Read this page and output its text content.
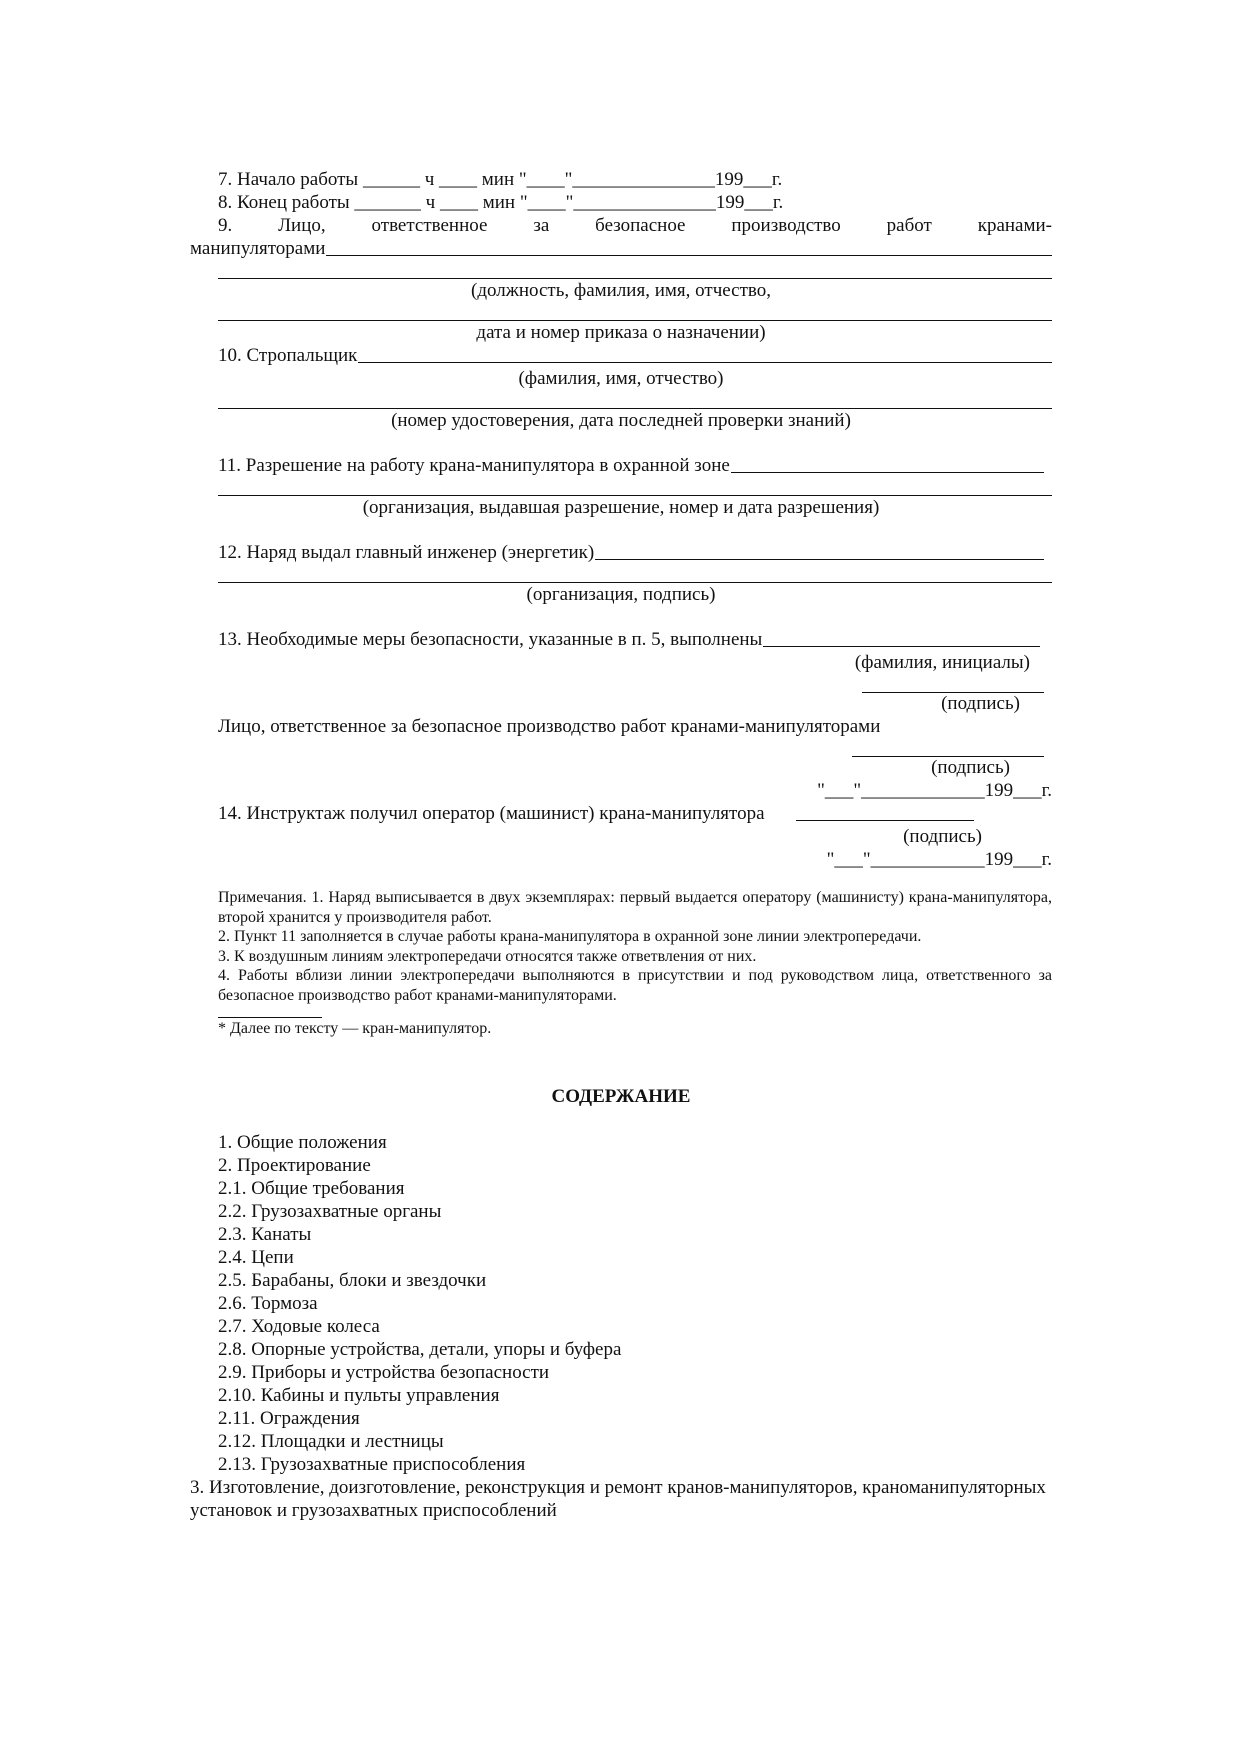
7. Начало работы ______ ч ____ мин "____"_______________199___г.
8. Конец работы _______ ч ____ мин "____"_______________199___г.
9. Лицо, ответственное за безопасное производство работ кранами-
манипуляторами
(должность, фамилия, имя, отчество,
дата и номер приказа о назначении)
10. Стропальщик
(фамилия, имя, отчество)
(номер удостоверения, дата последней проверки знаний)
11. Разрешение на работу крана-манипулятора в охранной зоне
(организация, выдавшая разрешение, номер и дата разрешения)
12. Наряд выдал главный инженер (энергетик)
(организация, подпись)
13. Необходимые меры безопасности, указанные в п. 5, выполнены
(фамилия, инициалы)
(подпись)
Лицо, ответственное за безопасное производство работ кранами-манипуляторами
(подпись)
"___"_____________199___г.
14. Инструктаж получил оператор (машинист) крана-манипулятора
(подпись)
"___"____________199___г.
Примечания. 1. Наряд выписывается в двух экземплярах: первый выдается оператору (машинисту) крана-манипулятора, второй хранится у производителя работ.
2. Пункт 11 заполняется в случае работы крана-манипулятора в охранной зоне линии электропередачи.
3. К воздушным линиям электропередачи относятся также ответвления от них.
4. Работы вблизи линии электропередачи выполняются в присутствии и под руководством лица, ответственного за безопасное производство работ кранами-манипуляторами.
* Далее по тексту — кран-манипулятор.
СОДЕРЖАНИЕ
1. Общие положения
2. Проектирование
2.1. Общие требования
2.2. Грузозахватные органы
2.3. Канаты
2.4. Цепи
2.5. Барабаны, блоки и звездочки
2.6. Тормоза
2.7. Ходовые колеса
2.8. Опорные устройства, детали, упоры и буфера
2.9. Приборы и устройства безопасности
2.10. Кабины и пульты управления
2.11. Ограждения
2.12. Площадки и лестницы
2.13. Грузозахватные приспособления
3. Изготовление, доизготовление, реконструкция и ремонт кранов-манипуляторов, краноманипуляторных установок и грузозахватных приспособлений
